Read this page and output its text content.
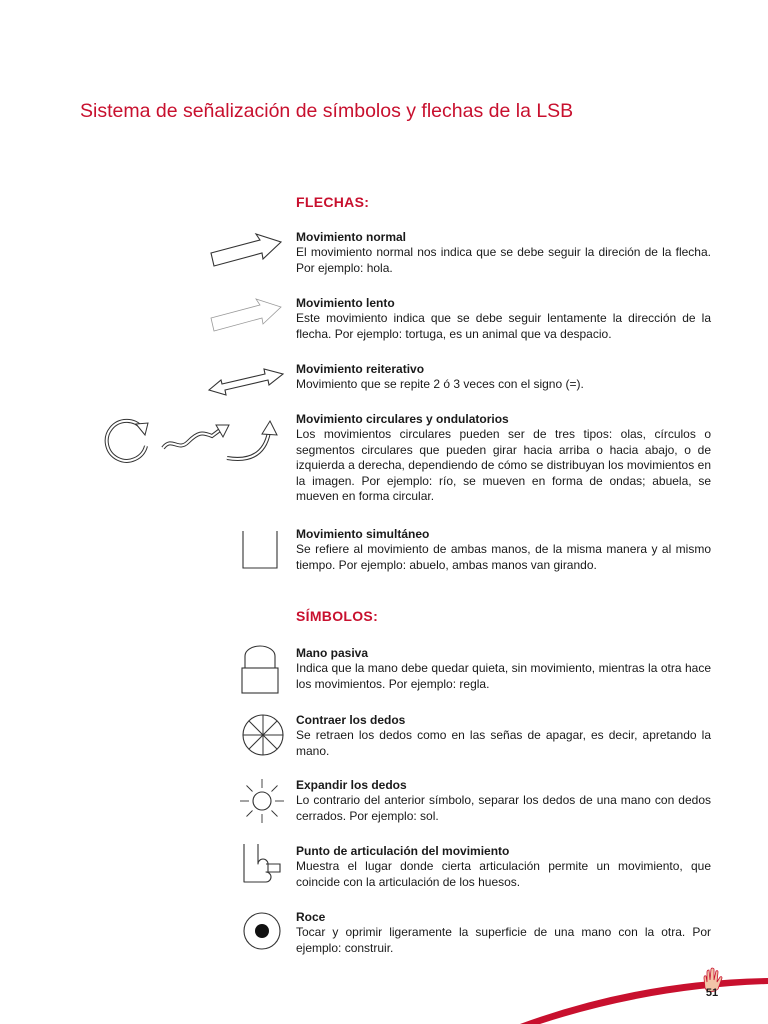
Sistema de señalización de símbolos y flechas de la LSB
FLECHAS:
Movimiento normal
El movimiento normal nos indica que se debe seguir la direción de la flecha. Por ejemplo: hola.
Movimiento lento
Este movimiento indica que se debe seguir lentamente la dirección de la flecha. Por ejemplo: tortuga, es un animal que va despacio.
Movimiento reiterativo
Movimiento que se repite 2 ó 3 veces con el signo (=).
Movimiento circulares y ondulatorios
Los movimientos circulares pueden ser de tres tipos: olas, círculos o segmentos circulares que pueden girar hacia arriba o hacia abajo, o de izquierda a derecha, dependiendo de cómo se distribuyan los movimientos en la imagen. Por ejemplo: río, se mueven en forma de ondas; abuela, se mueven en forma circular.
Movimiento simultáneo
Se refiere al movimiento de ambas manos, de la misma manera y al mismo tiempo. Por ejemplo: abuelo, ambas manos van girando.
SÍMBOLOS:
Mano pasiva
Indica que la mano debe quedar quieta, sin movimiento, mientras la otra hace los movimientos. Por ejemplo: regla.
Contraer los dedos
Se retraen los dedos como en las señas de apagar, es decir, apretando la mano.
Expandir los dedos
Lo contrario del anterior símbolo, separar los dedos de una mano con dedos cerrados. Por ejemplo: sol.
Punto de articulación del movimiento
Muestra el lugar donde cierta articulación permite un movimiento, que coincide con la articulación de los huesos.
Roce
Tocar y oprimir ligeramente la superficie de una mano con la otra. Por ejemplo: construir.
51
